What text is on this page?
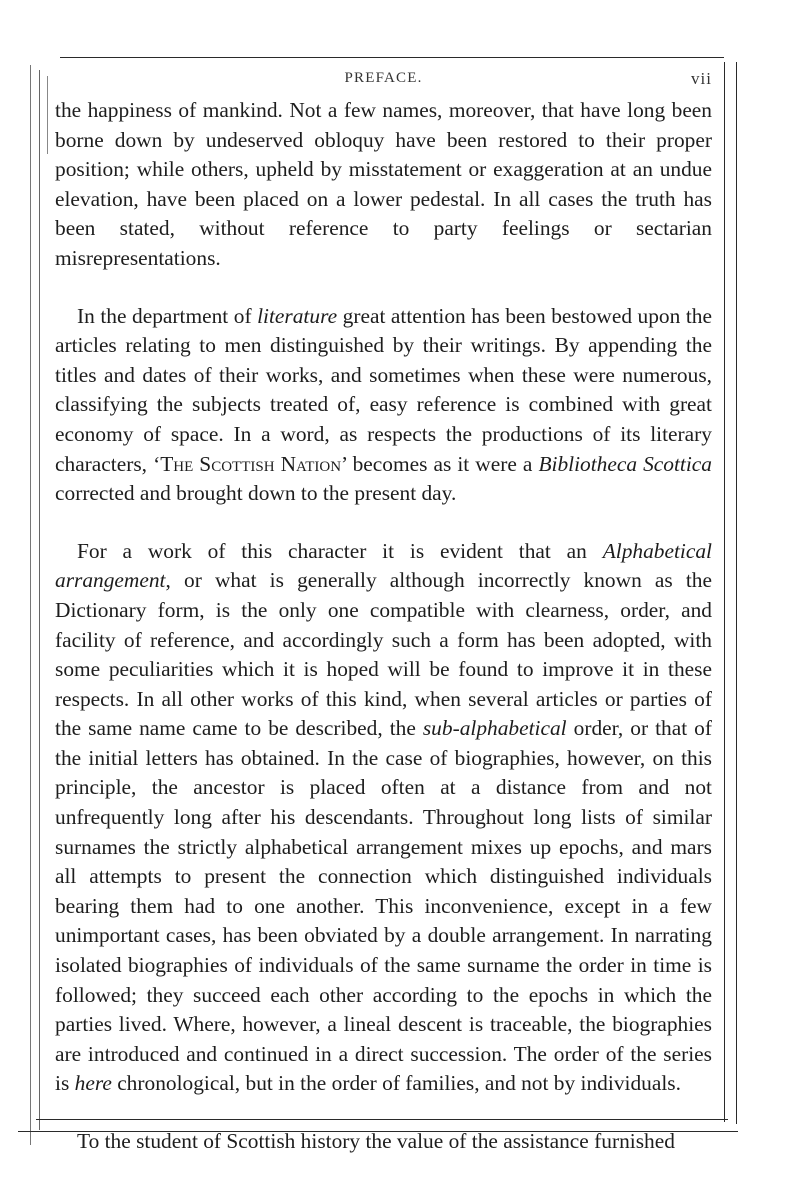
PREFACE.	vii

the happiness of mankind. Not a few names, moreover, that have long been borne down by undeserved obloquy have been restored to their proper position; while others, upheld by misstatement or exaggeration at an undue elevation, have been placed on a lower pedestal. In all cases the truth has been stated, without reference to party feelings or sectarian misrepresentations.

In the department of literature great attention has been bestowed upon the articles relating to men distinguished by their writings. By appending the titles and dates of their works, and sometimes when these were numerous, classifying the subjects treated of, easy reference is combined with great economy of space. In a word, as respects the productions of its literary characters, ‘The Scottish Nation’ becomes as it were a Bibliotheca Scottica corrected and brought down to the present day.

For a work of this character it is evident that an Alphabetical arrangement, or what is generally although incorrectly known as the Dictionary form, is the only one compatible with clearness, order, and facility of reference, and accordingly such a form has been adopted, with some peculiarities which it is hoped will be found to improve it in these respects. In all other works of this kind, when several articles or parties of the same name came to be described, the sub-alphabetical order, or that of the initial letters has obtained. In the case of biographies, however, on this principle, the ancestor is placed often at a distance from and not unfrequently long after his descendants. Throughout long lists of similar surnames the strictly alphabetical arrangement mixes up epochs, and mars all attempts to present the connection which distinguished individuals bearing them had to one another. This inconvenience, except in a few unimportant cases, has been obviated by a double arrangement. In narrating isolated biographies of individuals of the same surname the order in time is followed; they succeed each other according to the epochs in which the parties lived. Where, however, a lineal descent is traceable, the biographies are introduced and continued in a direct succession. The order of the series is here chronological, but in the order of families, and not by individuals.

To the student of Scottish history the value of the assistance furnished
